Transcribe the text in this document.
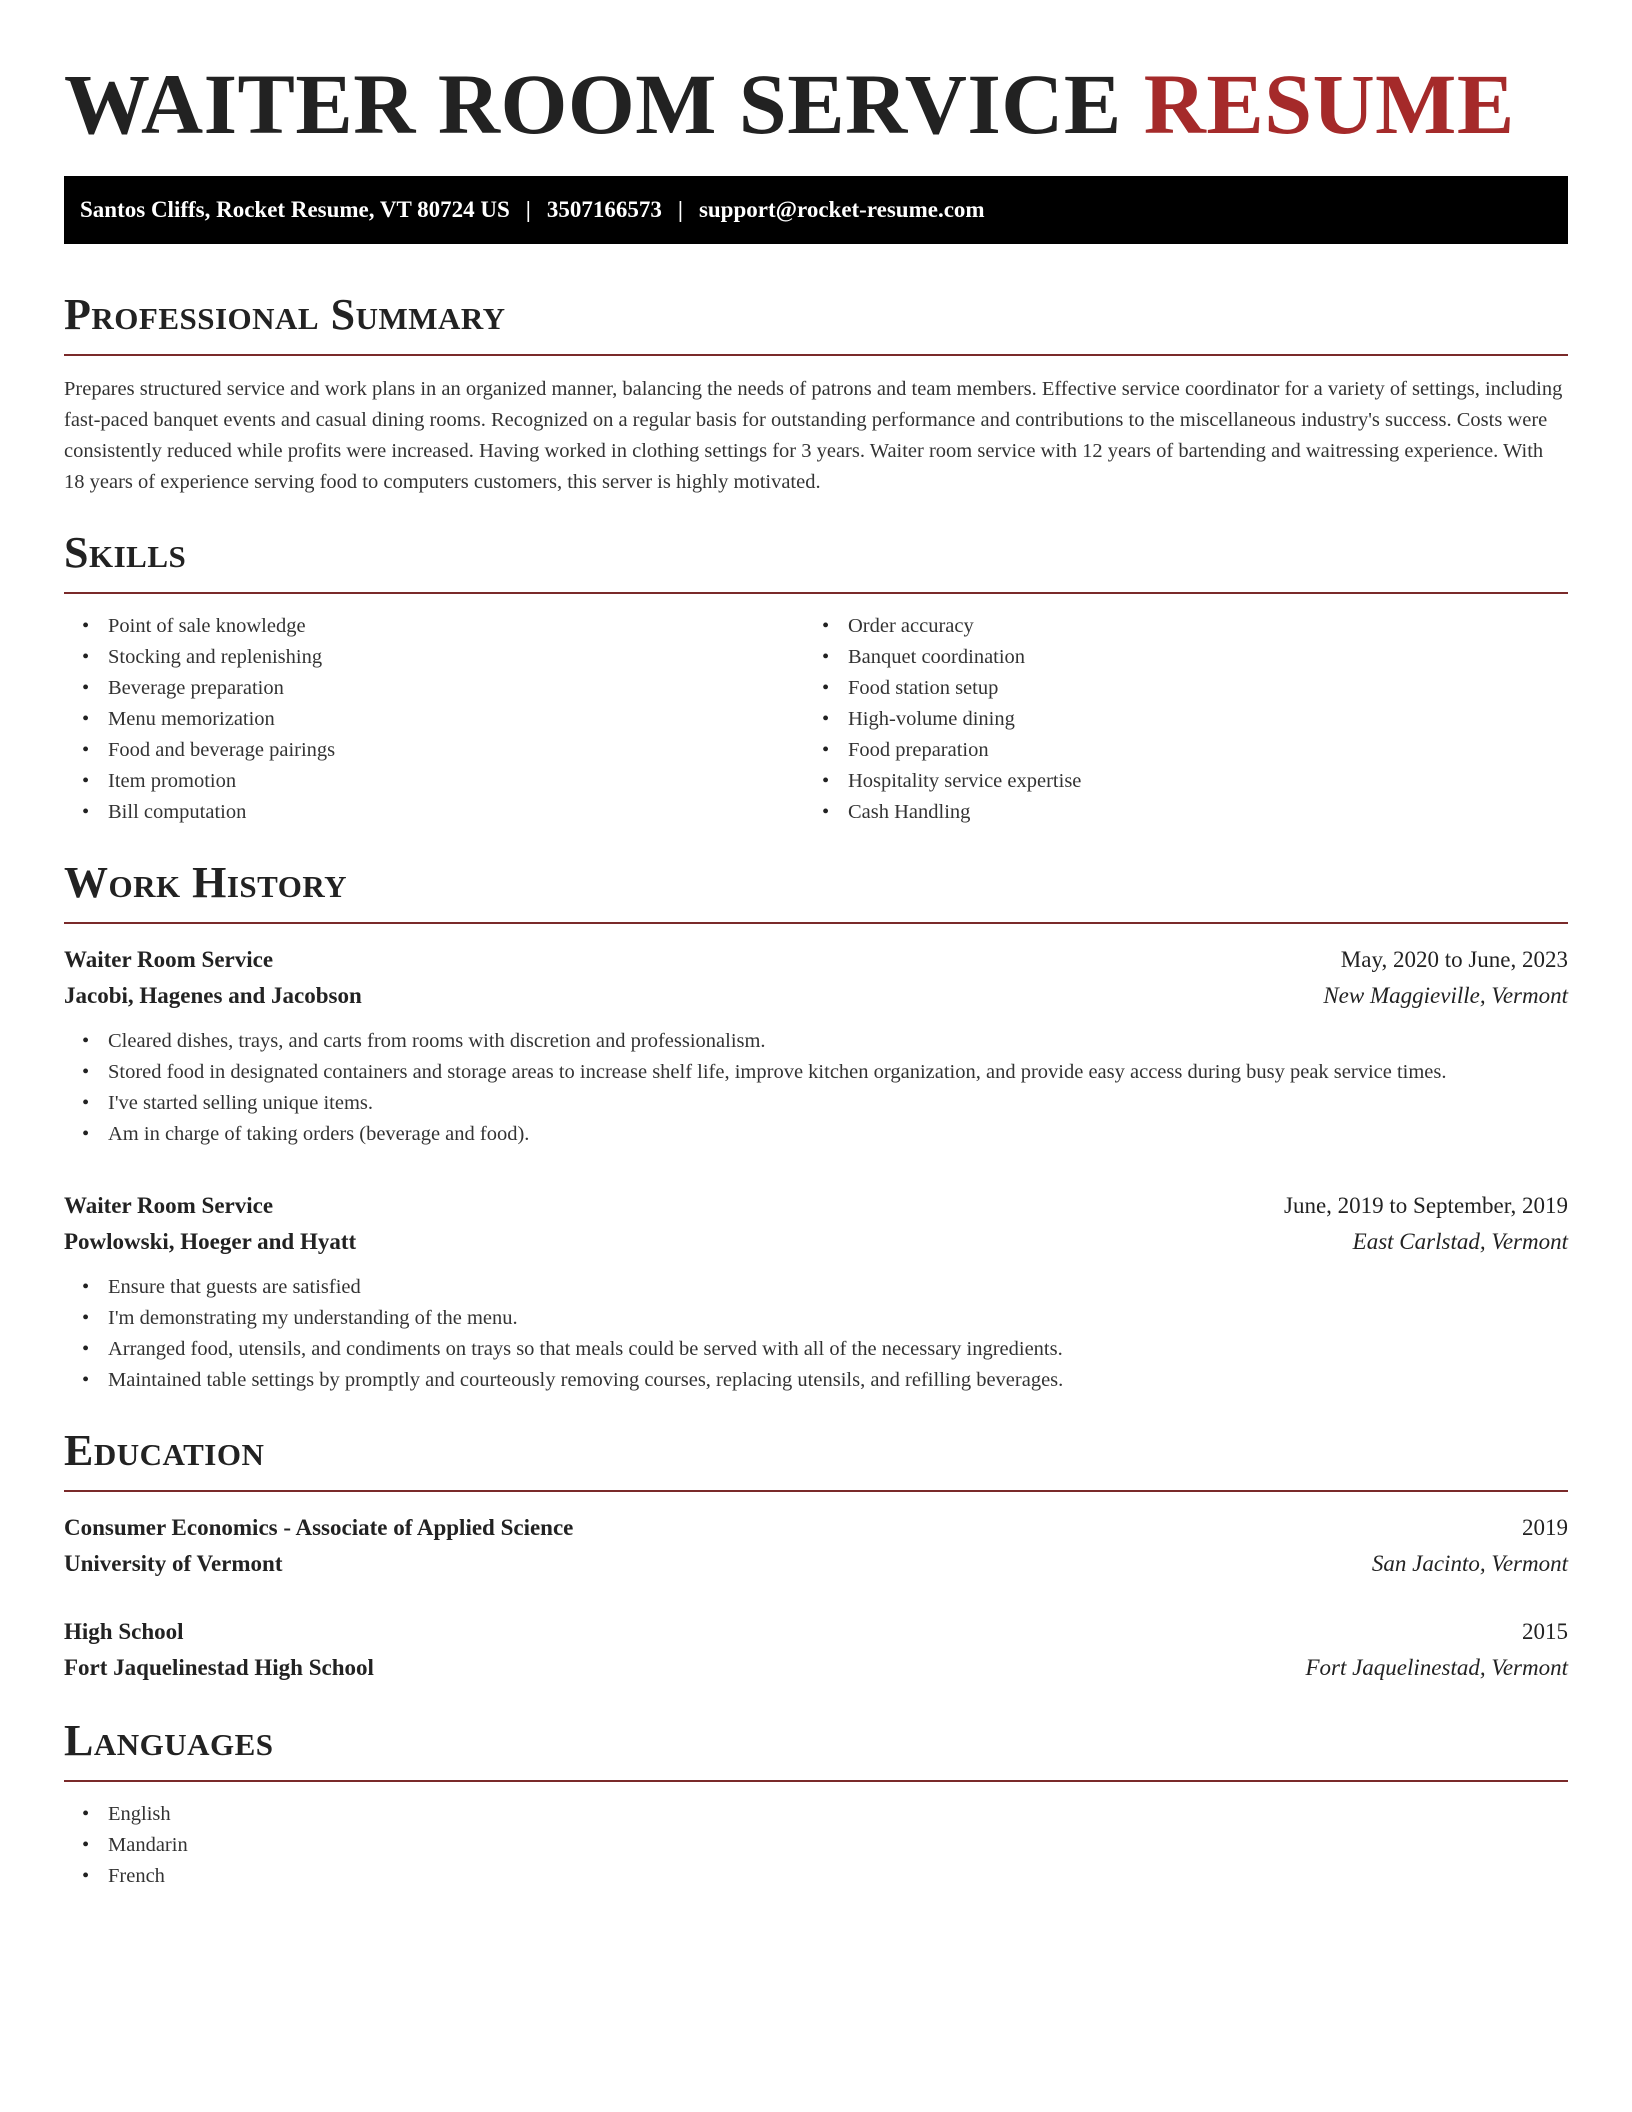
WAITER ROOM SERVICE RESUME
Santos Cliffs, Rocket Resume, VT 80724 US | 3507166573 | support@rocket-resume.com
Professional Summary

Prepares structured service and work plans in an organized manner, balancing the needs of patrons and team members. Effective service coordinator for a variety of settings, including fast-paced banquet events and casual dining rooms. Recognized on a regular basis for outstanding performance and contributions to the miscellaneous industry's success. Costs were consistently reduced while profits were increased. Having worked in clothing settings for 3 years. Waiter room service with 12 years of bartending and waitressing experience. With 18 years of experience serving food to computers customers, this server is highly motivated.

Skills
• Point of sale knowledge
• Stocking and replenishing
• Beverage preparation
• Menu memorization
• Food and beverage pairings
• Item promotion
• Bill computation
• Order accuracy
• Banquet coordination
• Food station setup
• High-volume dining
• Food preparation
• Hospitality service expertise
• Cash Handling
Work History
Waiter Room Service	May, 2020 to June, 2023
Jacobi, Hagenes and Jacobson	New Maggieville, Vermont
• Cleared dishes, trays, and carts from rooms with discretion and professionalism.
• Stored food in designated containers and storage areas to increase shelf life, improve kitchen organization, and provide easy access during busy peak service times.
• I've started selling unique items.
• Am in charge of taking orders (beverage and food).
Waiter Room Service	June, 2019 to September, 2019
Powlowski, Hoeger and Hyatt	East Carlstad, Vermont
• Ensure that guests are satisfied
• I'm demonstrating my understanding of the menu.
• Arranged food, utensils, and condiments on trays so that meals could be served with all of the necessary ingredients.
• Maintained table settings by promptly and courteously removing courses, replacing utensils, and refilling beverages.
Education
Consumer Economics - Associate of Applied Science	2019
University of Vermont	San Jacinto, Vermont
High School	2015
Fort Jaquelinestad High School	Fort Jaquelinestad, Vermont
Languages
• English
• Mandarin
• French
